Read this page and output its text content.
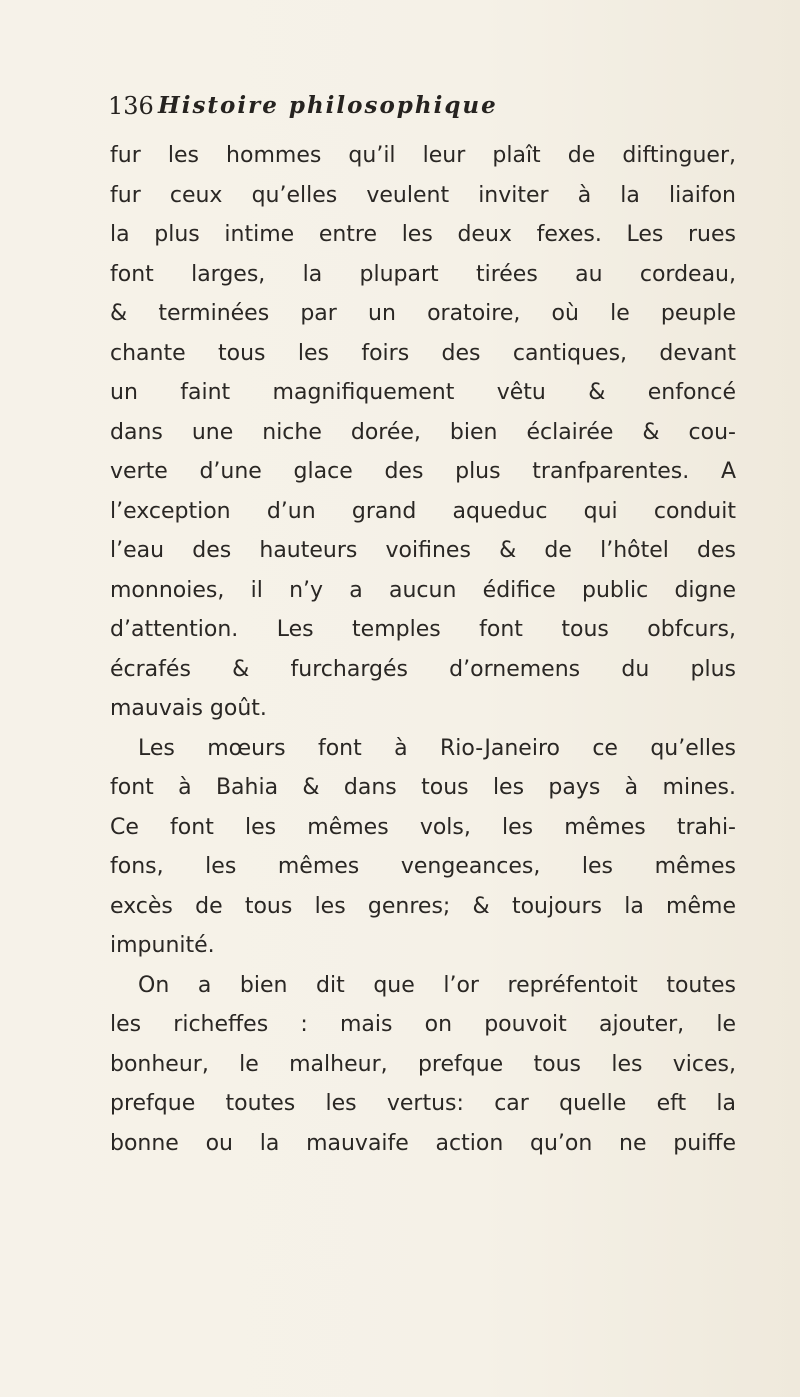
136 Histoire philosophique
fur les hommes qu’il leur plaît de diftinguer,
fur ceux qu’elles veulent inviter à la liaifon
la plus intime entre les deux fexes. Les rues
font larges, la plupart tirées au cordeau,
& terminées par un oratoire, où le peuple
chante tous les foirs des cantiques, devant
un faint magnifiquement vêtu & enfoncé
dans une niche dorée, bien éclairée & cou-
verte d’une glace des plus tranfparentes. A
l’exception d’un grand aqueduc qui conduit
l’eau des hauteurs voifines & de l’hôtel des
monnoies, il n’y a aucun édifice public digne
d’attention. Les temples font tous obfcurs,
écrafés & furchargés d’ornemens du plus
mauvais goût.
Les mœurs font à Rio-Janeiro ce qu’elles
font à Bahia & dans tous les pays à mines.
Ce font les mêmes vols, les mêmes trahi-
fons, les mêmes vengeances, les mêmes
excès de tous les genres; & toujours la même
impunité.
On a bien dit que l’or repréfentoit toutes
les richeffes : mais on pouvoit ajouter, le
bonheur, le malheur, prefque tous les vices,
prefque toutes les vertus: car quelle eft la
bonne ou la mauvaife action qu’on ne puiffe
